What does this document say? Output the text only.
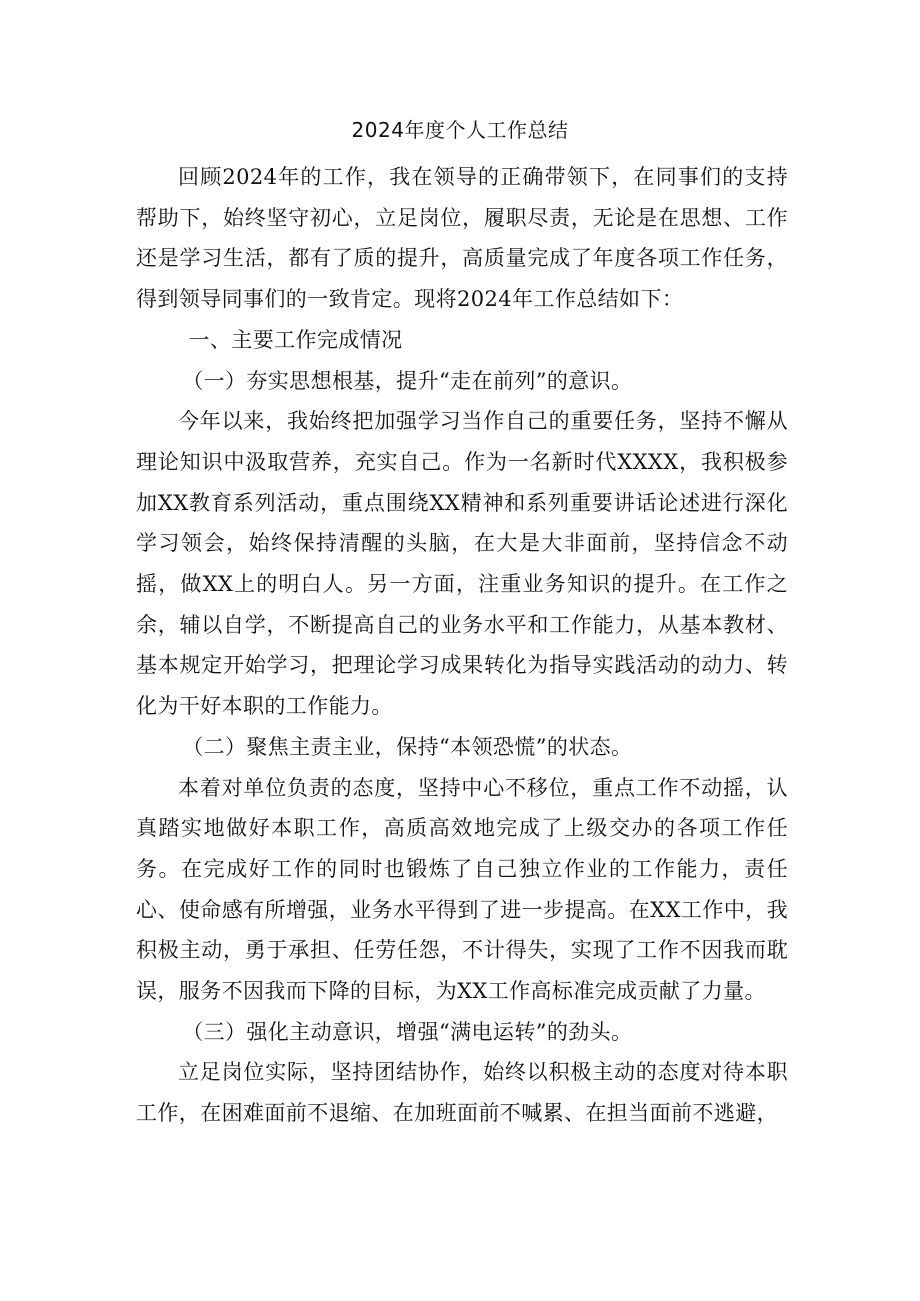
2024年度个人工作总结

回顾2024年的工作，我在领导的正确带领下，在同事们的支持帮助下，始终坚守初心，立足岗位，履职尽责，无论是在思想、工作还是学习生活，都有了质的提升，高质量完成了年度各项工作任务，得到领导同事们的一致肯定。现将2024年工作总结如下：

一、主要工作完成情况

（一）夯实思想根基，提升“走在前列”的意识。

今年以来，我始终把加强学习当作自己的重要任务，坚持不懈从理论知识中汲取营养，充实自己。作为一名新时代XXXX，我积极参加XX教育系列活动，重点围绕XX精神和系列重要讲话论述进行深化学习领会，始终保持清醒的头脑，在大是大非面前，坚持信念不动摇，做XX上的明白人。另一方面，注重业务知识的提升。在工作之余，辅以自学，不断提高自己的业务水平和工作能力，从基本教材、基本规定开始学习，把理论学习成果转化为指导实践活动的动力、转化为干好本职的工作能力。

（二）聚焦主责主业，保持“本领恐慌”的状态。

本着对单位负责的态度，坚持中心不移位，重点工作不动摇，认真踏实地做好本职工作，高质高效地完成了上级交办的各项工作任务。在完成好工作的同时也锻炼了自己独立作业的工作能力，责任心、使命感有所增强，业务水平得到了进一步提高。在XX工作中，我积极主动，勇于承担、任劳任怨，不计得失，实现了工作不因我而耽误，服务不因我而下降的目标，为XX工作高标准完成贡献了力量。

（三）强化主动意识，增强“满电运转”的劲头。

立足岗位实际，坚持团结协作，始终以积极主动的态度对待本职工作，在困难面前不退缩、在加班面前不喊累、在担当面前不逃避，
